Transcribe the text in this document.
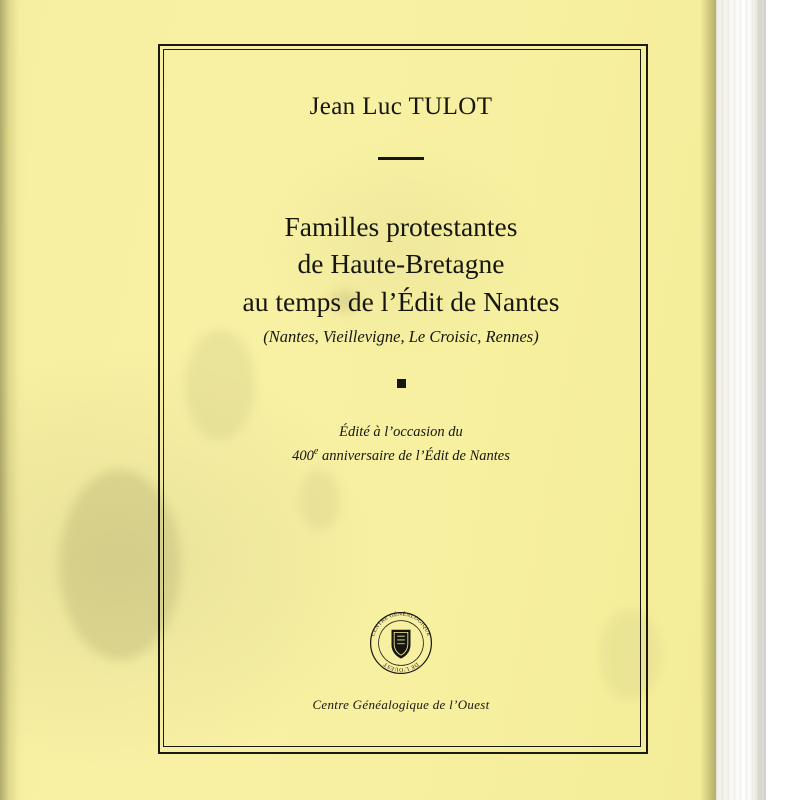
Jean Luc TULOT
Familles protestantes
de Haute-Bretagne
au temps de l’Édit de Nantes
(Nantes, Vieillevigne, Le Croisic, Rennes)
Édité à l’occasion du
400e anniversaire de l’Édit de Nantes
CENTRE GÉNÉALOGIQUE
DE L’OUEST
Centre Généalogique de l’Ouest
